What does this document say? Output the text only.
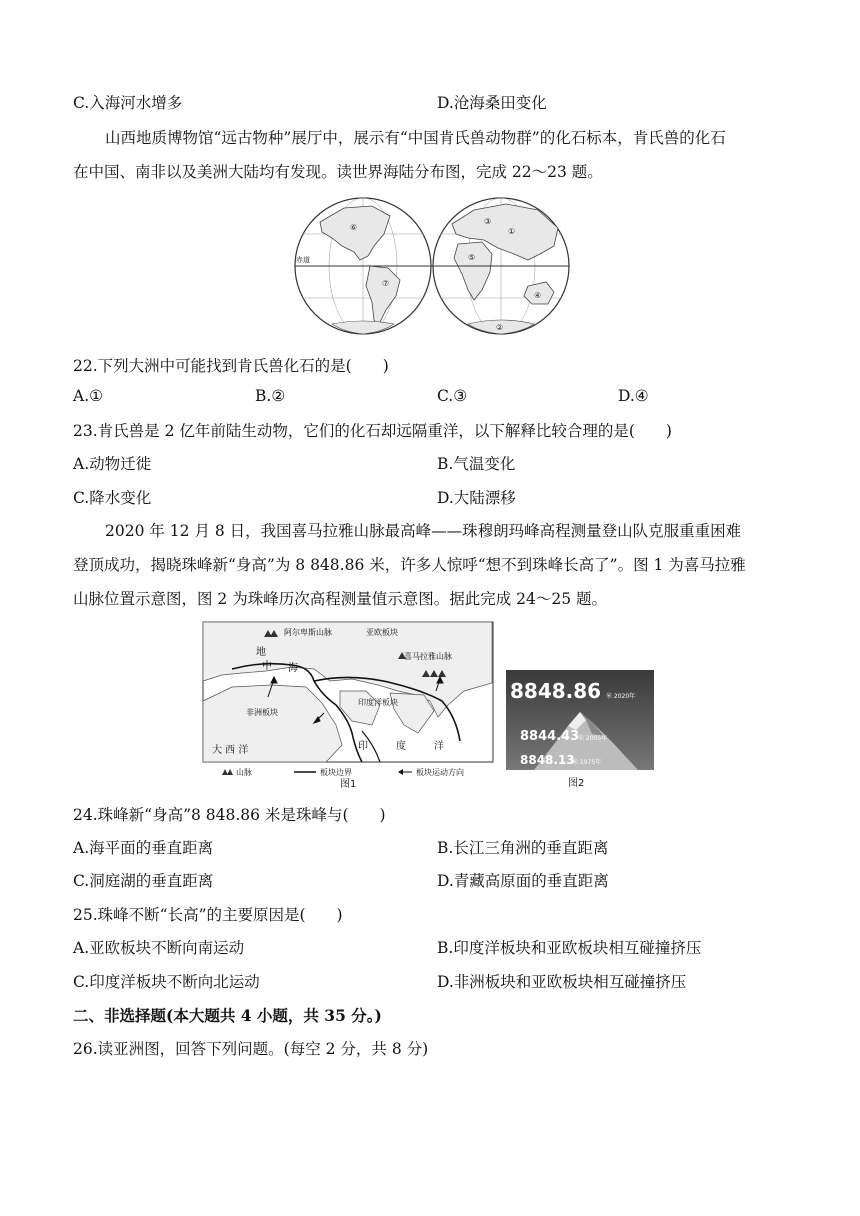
C.入海河水增多	D.沧海桑田变化
山西地质博物馆“远古物种”展厅中，展示有“中国肯氏兽动物群”的化石标本，肯氏兽的化石
在中国、南非以及美洲大陆均有发现。读世界海陆分布图，完成 22～23 题。
赤道
①
②
③
④
⑤
⑥
⑦
22.下列大洲中可能找到肯氏兽化石的是(　　)
A.①	B.②	C.③	D.④
23.肯氏兽是 2 亿年前陆生动物，它们的化石却远隔重洋，以下解释比较合理的是(　　)
A.动物迁徙	B.气温变化
C.降水变化	D.大陆漂移
2020 年 12 月 8 日，我国喜马拉雅山脉最高峰——珠穆朗玛峰高程测量登山队克服重重困难
登顶成功，揭晓珠峰新“身高”为 8 848.86 米，许多人惊呼“想不到珠峰长高了”。图 1 为喜马拉雅
山脉位置示意图，图 2 为珠峰历次高程测量值示意图。据此完成 24～25 题。
阿尔卑斯山脉	亚欧板块
地
中 海
喜马拉雅山脉
印度洋板块
非洲板块
大 西 洋	印	度	洋
山脉	板块边界	板块运动方向
图1
8848.86 米 2020年
8844.43
米 2005年
8848.13
米 1975年
图2
24.珠峰新“身高”8 848.86 米是珠峰与(　　)
A.海平面的垂直距离	B.长江三角洲的垂直距离
C.洞庭湖的垂直距离	D.青藏高原面的垂直距离
25.珠峰不断“长高”的主要原因是(　　)
A.亚欧板块不断向南运动	B.印度洋板块和亚欧板块相互碰撞挤压
C.印度洋板块不断向北运动	D.非洲板块和亚欧板块相互碰撞挤压
二、非选择题(本大题共 4 小题，共 35 分。)
26.读亚洲图，回答下列问题。(每空 2 分，共 8 分)
